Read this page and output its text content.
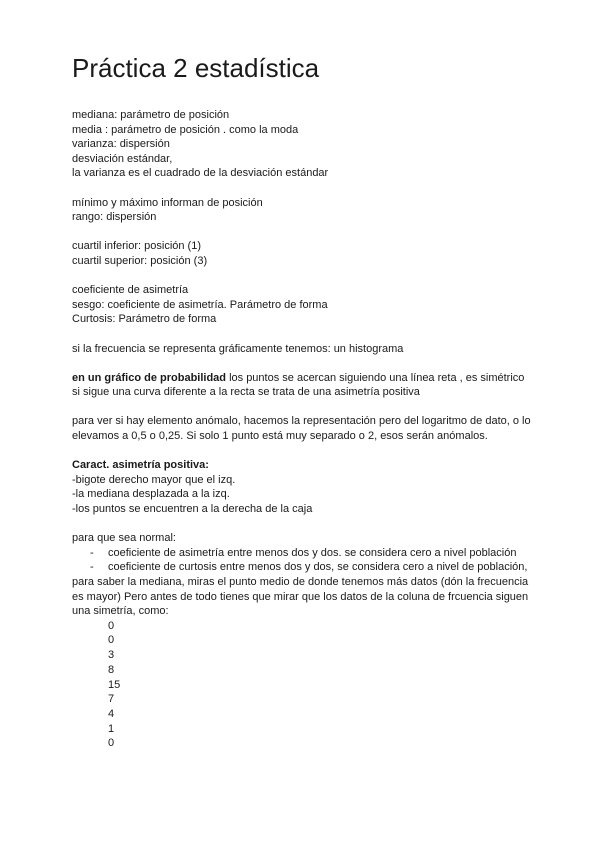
Práctica 2 estadística
mediana: parámetro de posición
media : parámetro de posición . como la moda
varianza: dispersión
desviación estándar,
la varianza es el cuadrado de la desviación estándar
mínimo y máximo informan de posición
rango: dispersión
cuartil inferior: posición (1)
cuartil superior: posición (3)
coeficiente de asimetría
sesgo: coeficiente de asimetría. Parámetro de forma
Curtosis: Parámetro de forma
si la frecuencia se representa gráficamente tenemos: un histograma
en un gráfico de probabilidad los puntos se acercan siguiendo una línea reta , es simétrico
si sigue una curva diferente a la recta se trata de una asimetría positiva
para ver si hay elemento anómalo, hacemos la representación pero del logaritmo de dato, o lo elevamos a 0,5 o 0,25. Si solo 1 punto está muy separado o 2, esos serán anómalos.
Caract. asimetría positiva:
-bigote derecho mayor que el izq.
-la mediana desplazada a la izq.
-los puntos se encuentren a la derecha de la caja
para que sea normal:
- coeficiente de asimetría entre menos dos y dos. se considera cero a nivel población
- coeficiente de curtosis entre menos dos y dos, se considera cero a nivel de población,
para saber la mediana, miras el punto medio de donde tenemos más datos (dón la frecuencia es mayor) Pero antes de todo tienes que mirar que los datos de la coluna de frcuencia siguen una simetría, como:
0
0
3
8
15
7
4
1
0
